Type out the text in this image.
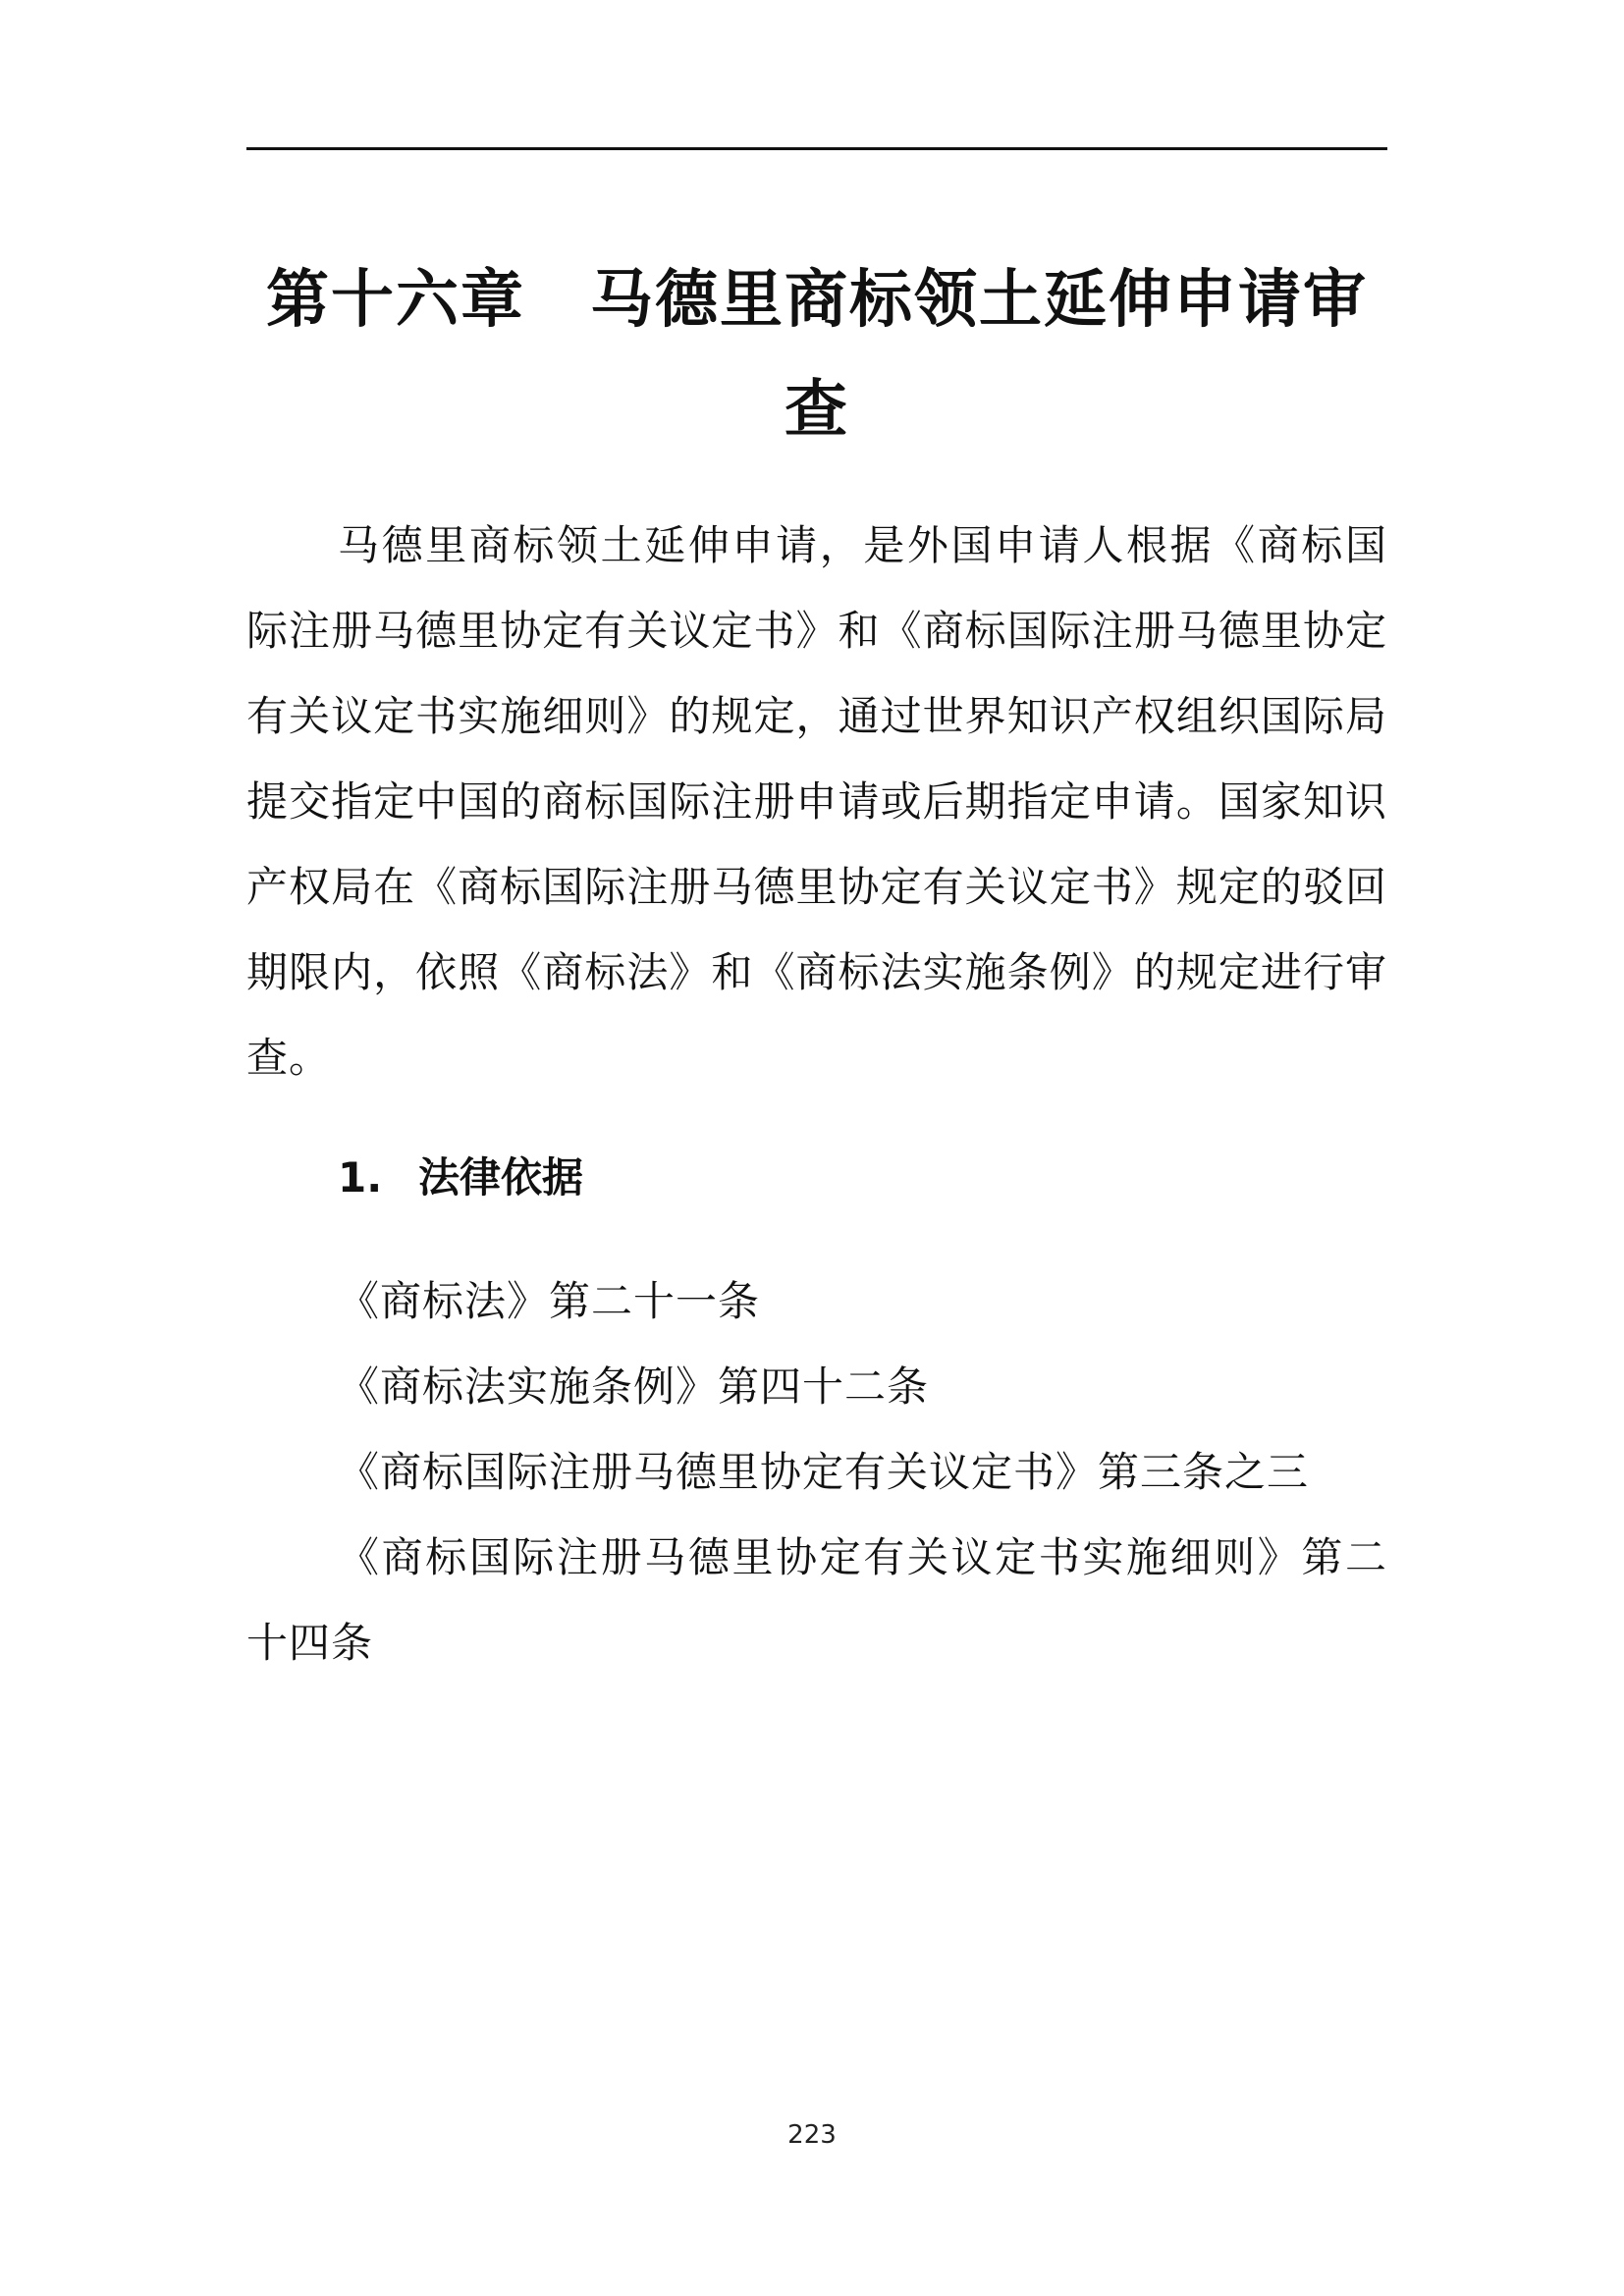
第十六章　马德里商标领土延伸申请审
查

马德里商标领土延伸申请，是外国申请人根据《商标国际注册马德里协定有关议定书》和《商标国际注册马德里协定有关议定书实施细则》的规定，通过世界知识产权组织国际局提交指定中国的商标国际注册申请或后期指定申请。国家知识产权局在《商标国际注册马德里协定有关议定书》规定的驳回期限内，依照《商标法》和《商标法实施条例》的规定进行审查。

1. 法律依据
《商标法》第二十一条
《商标法实施条例》第四十二条
《商标国际注册马德里协定有关议定书》第三条之三
《商标国际注册马德里协定有关议定书实施细则》第二十四条
223
